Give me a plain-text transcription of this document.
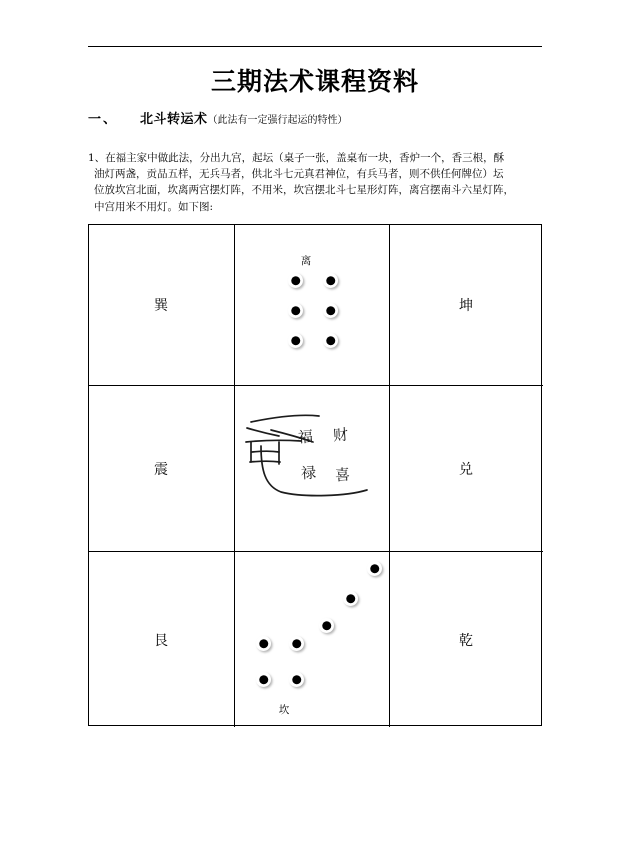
三期法术课程资料
一、 北斗转运术（此法有一定强行起运的特性）
1、在福主家中做此法，分出九宫，起坛（桌子一张，盖桌布一块，香炉一个，香三根，酥
油灯两盏，贡品五样，无兵马者，供北斗七元真君神位，有兵马者，则不供任何牌位）坛
位放坎宫北面，坎离两宫摆灯阵，不用米，坎宫摆北斗七星形灯阵，离宫摆南斗六星灯阵，
中宫用米不用灯。如下图:
巽
离
坤
震
福 财
禄 喜	兑
艮
坎
乾
